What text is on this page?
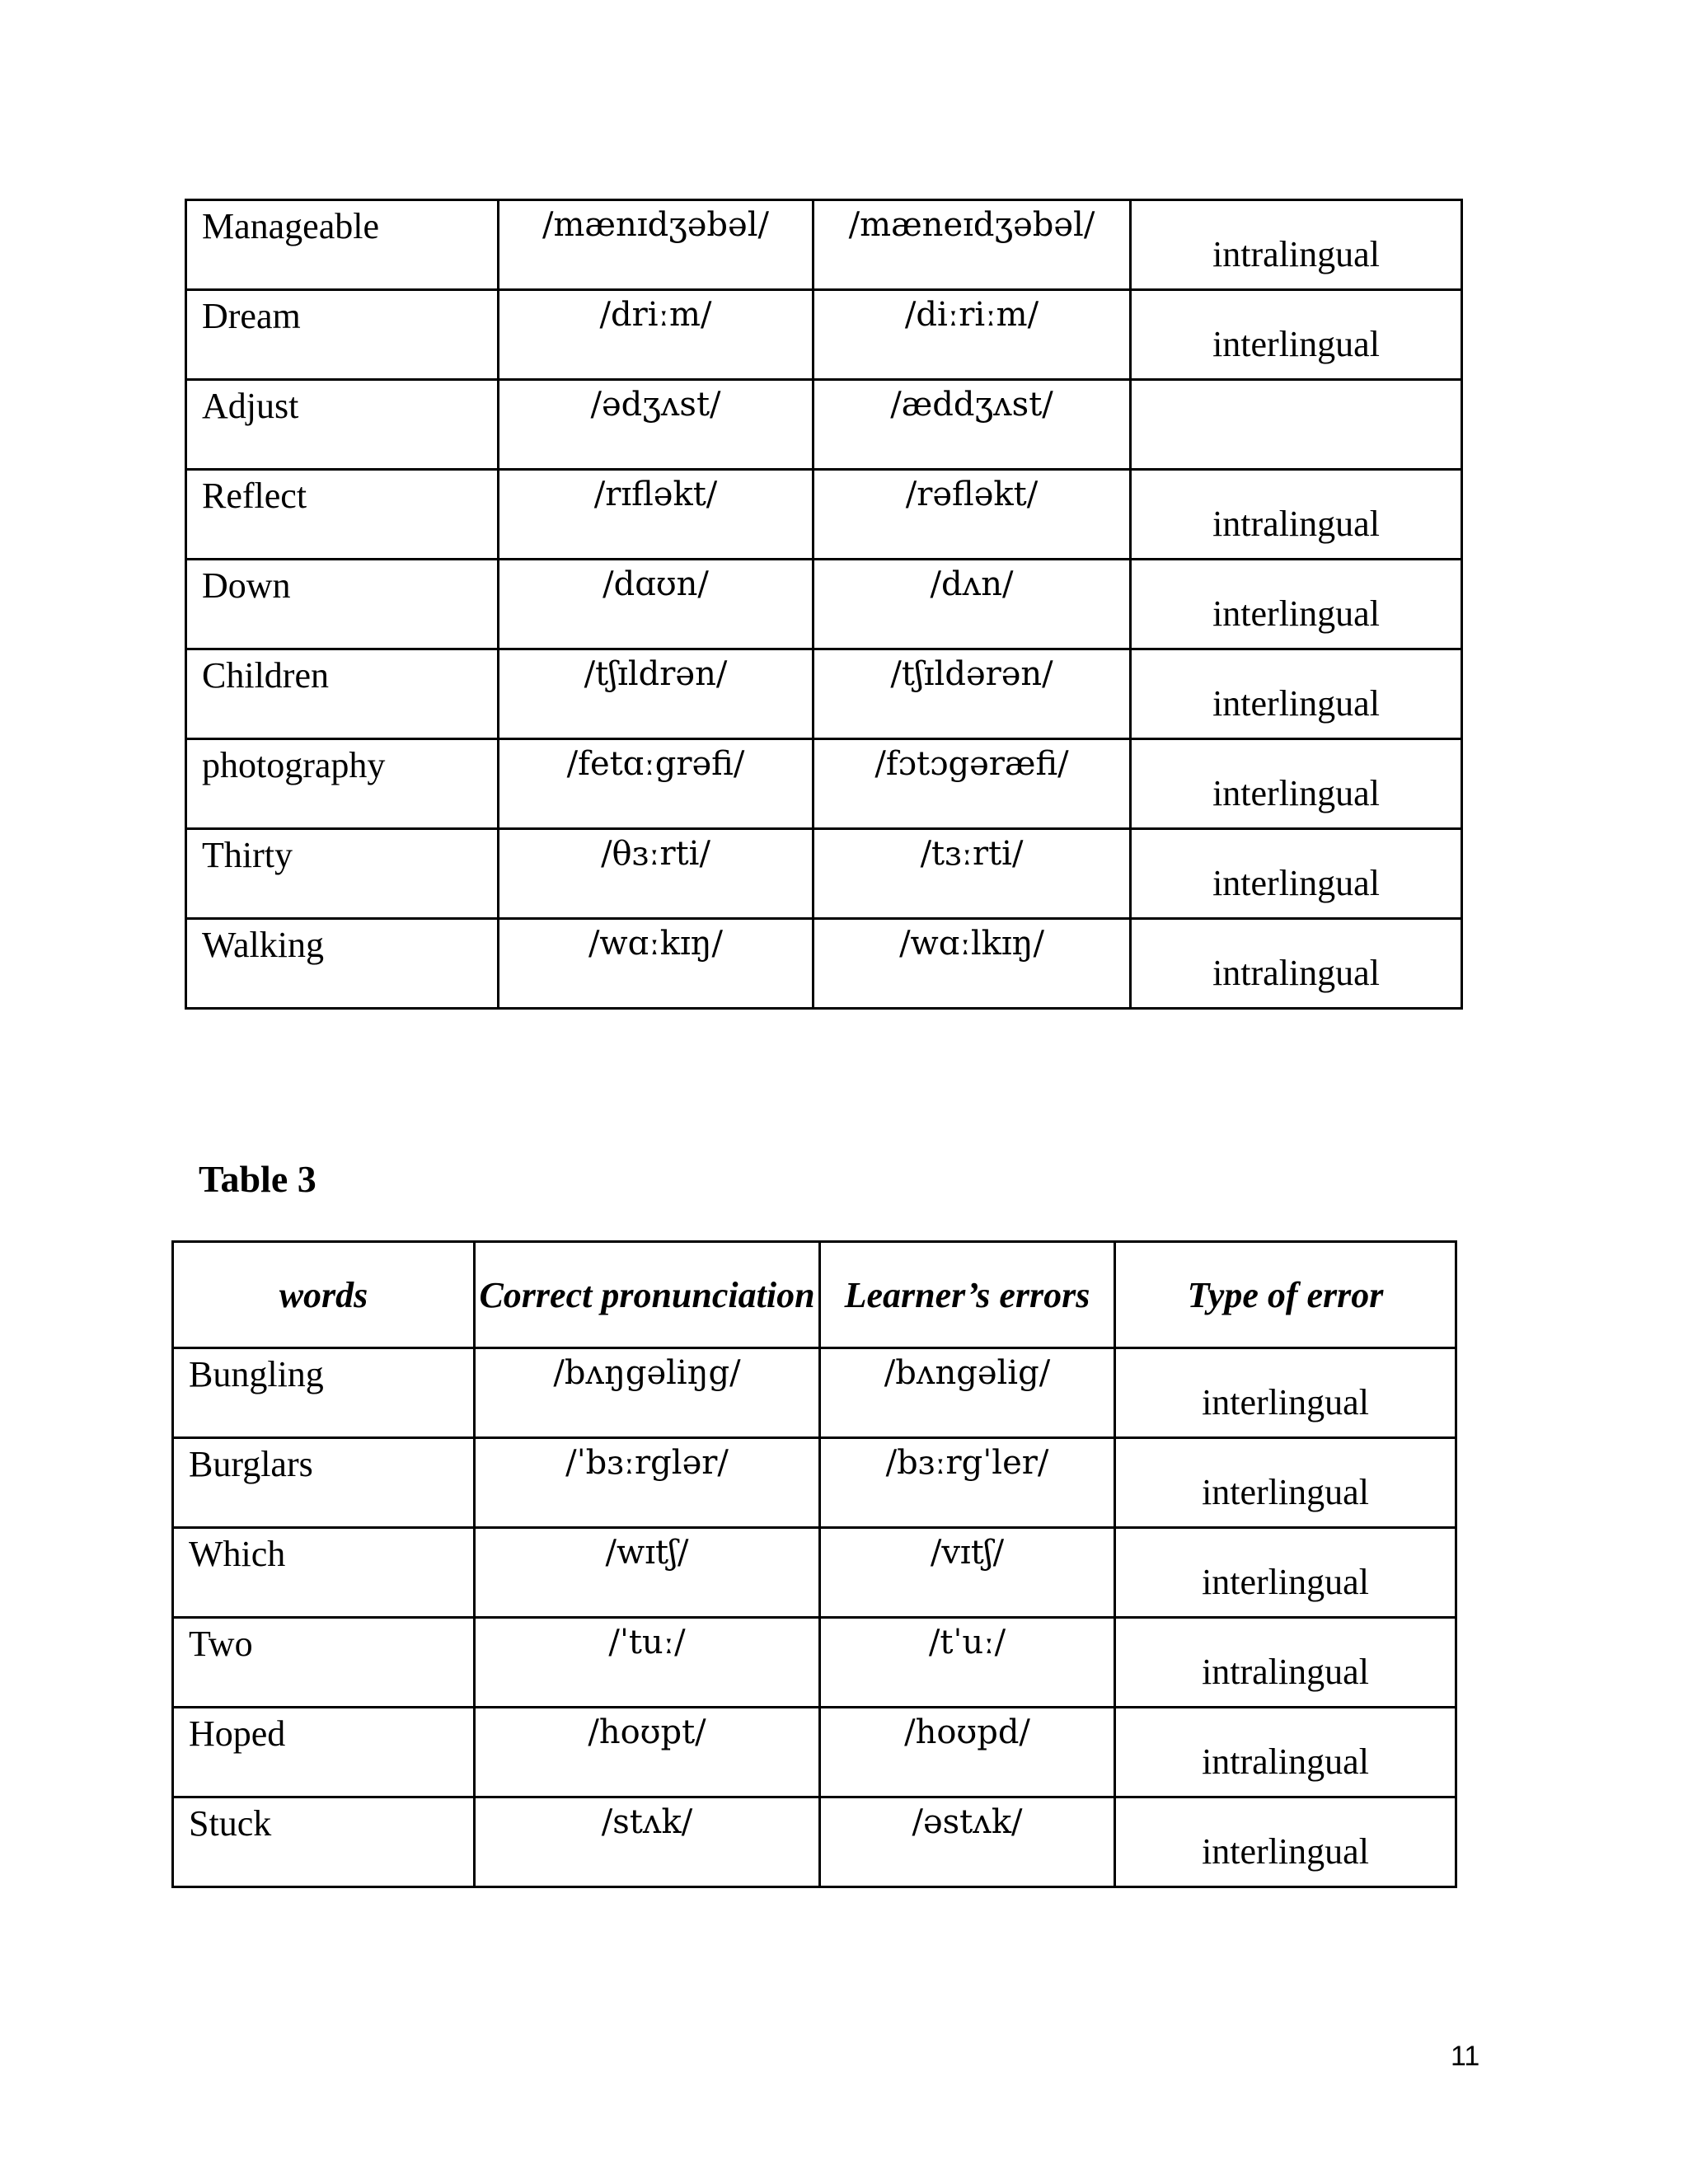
Manageable	/mænɪdʒəbəl/	/mæneɪdʒəbəl/	intralingual
Dream	/driːm/	/diːriːm/	interlingual
Adjust	/ədʒʌst/	/æddʒʌst/	
Reflect	/rɪfləkt/	/rəfləkt/	intralingual
Down	/dɑʊn/	/dʌn/	interlingual
Children	/tʃɪldrən/	/tʃɪldərən/	interlingual
photography	/fetɑːgrəfi/	/fɔtɔgəræfi/	interlingual
Thirty	/θɜːrti/	/tɜːrti/	interlingual
Walking	/wɑːkɪŋ/	/wɑːlkɪŋ/	intralingual
Table 3
words	Correct pronunciation	Learner’s errors	Type of error
Bungling	/bʌŋgəliŋg/	/bʌngəlig/	interlingual
Burglars	/ˈbɜːrglər/	/bɜːrgˈler/	interlingual
Which	/wɪtʃ/	/vɪtʃ/	interlingual
Two	/ˈtuː/	/tˈuː/	intralingual
Hoped	/hoʊpt/	/hoʊpd/	intralingual
Stuck	/stʌk/	/əstʌk/	interlingual
11
